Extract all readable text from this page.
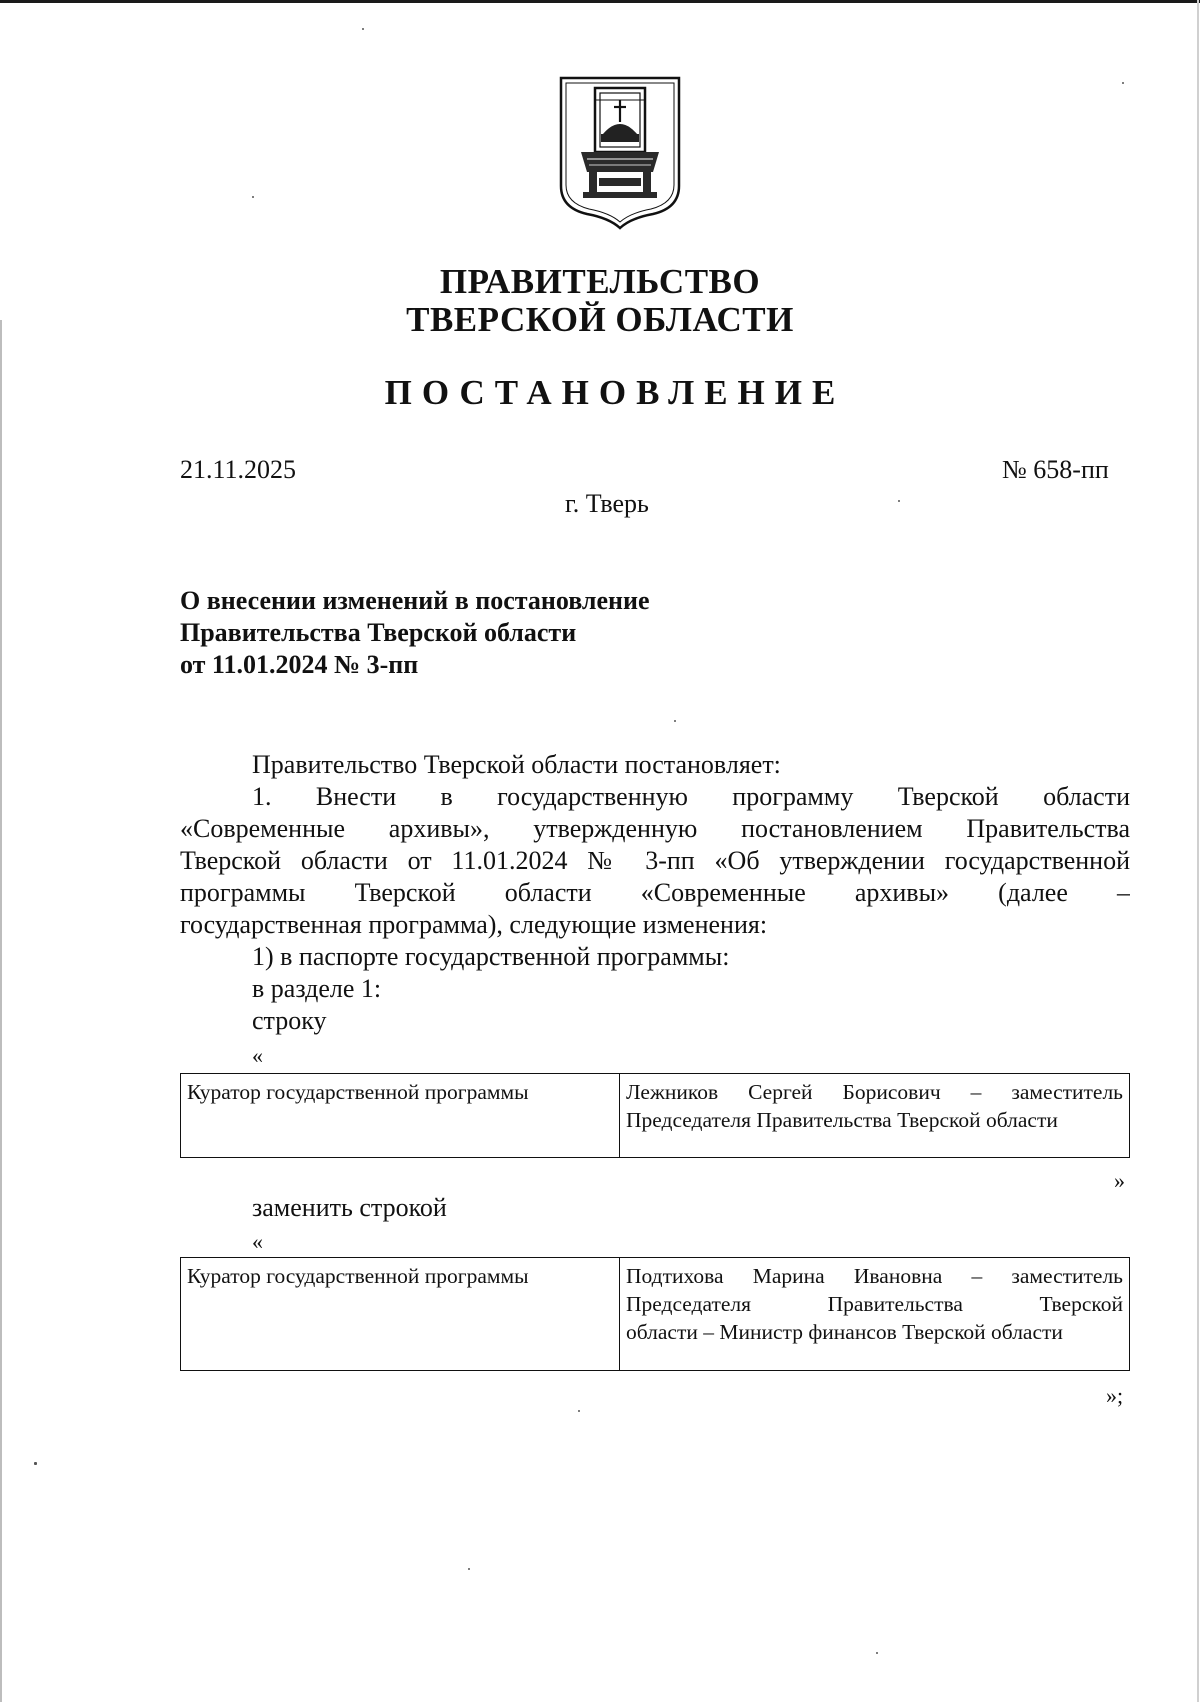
ПРАВИТЕЛЬСТВО
ТВЕРСКОЙ ОБЛАСТИ
ПОСТАНОВЛЕНИЕ
21.11.2025	№ 658-пп
г. Тверь
О внесении изменений в постановление
Правительства Тверской области
от 11.01.2024 № 3-пп
Правительство Тверской области постановляет:
1. Внести в государственную программу Тверской области
«Современные архивы», утвержденную постановлением Правительства
Тверской области от 11.01.2024 № 3-пп «Об утверждении государственной
программы Тверской области «Современные архивы» (далее –
государственная программа), следующие изменения:
1) в паспорте государственной программы:
в разделе 1:
строку
«
Куратор государственной программы	Лежников Сергей Борисович – заместитель
Председателя Правительства Тверской области
»
заменить строкой
«
Куратор государственной программы	Подтихова Марина Ивановна – заместитель
Председателя Правительства Тверской
области – Министр финансов Тверской области
»;
